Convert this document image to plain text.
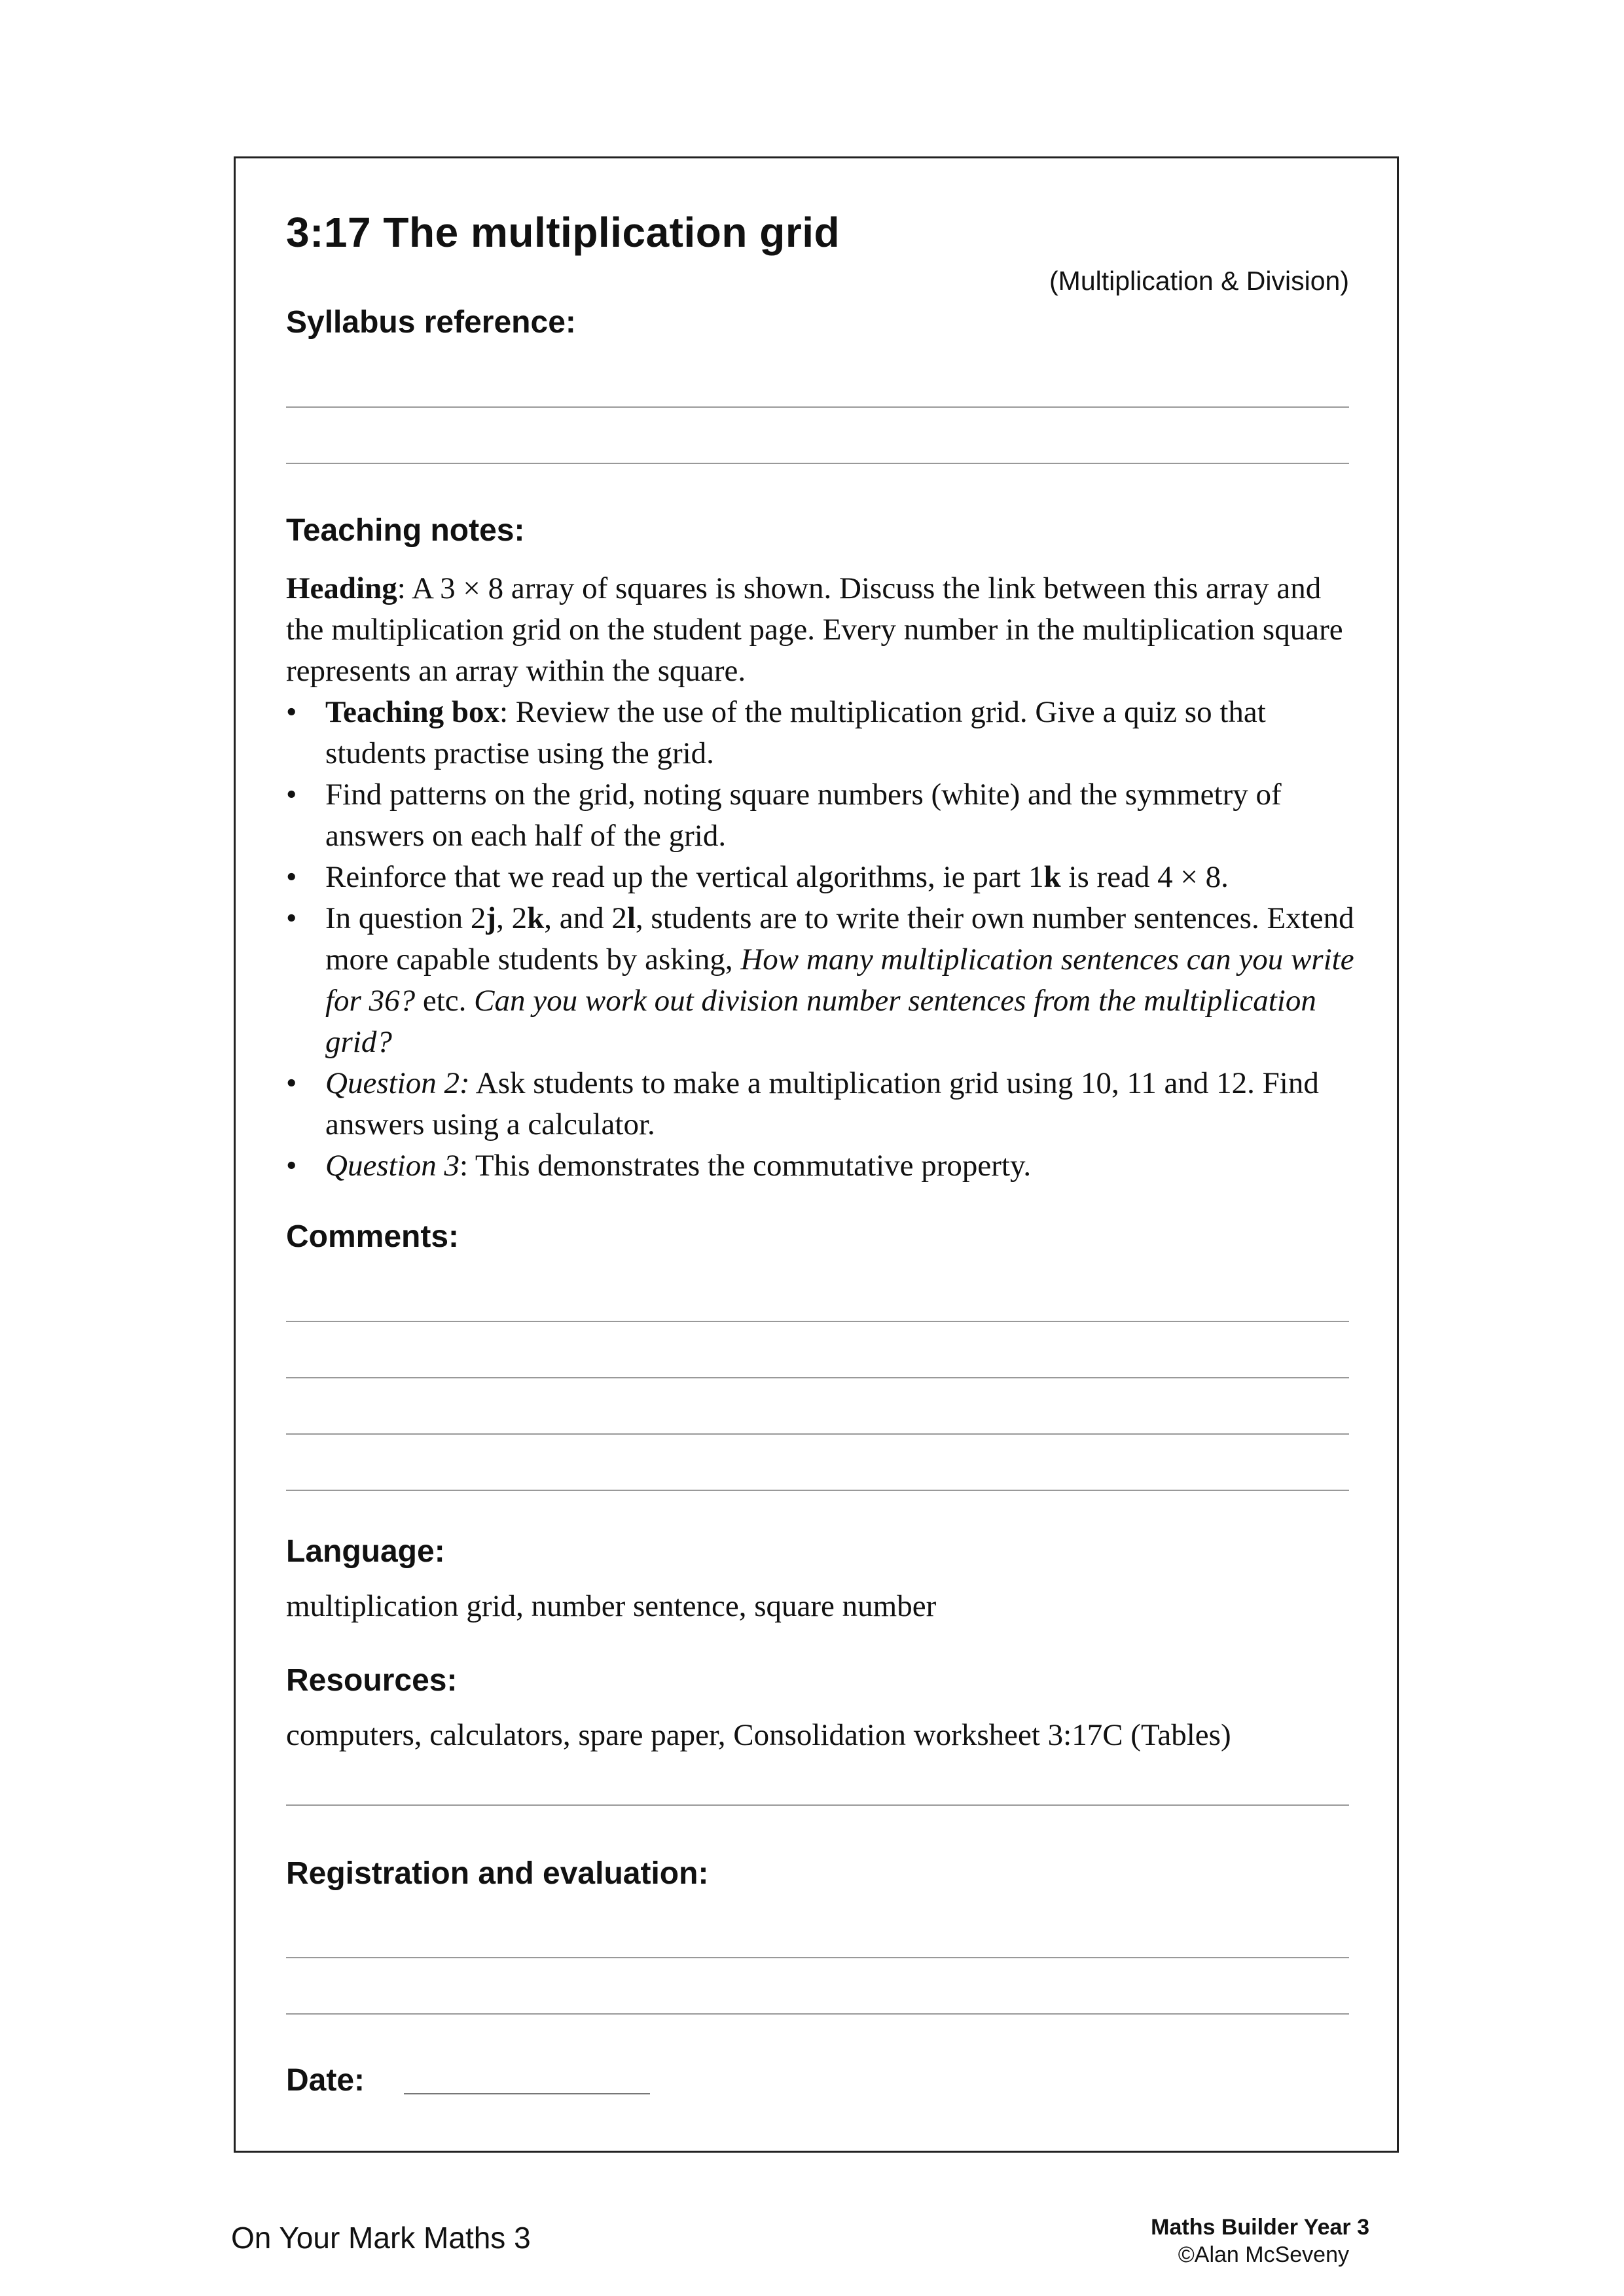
3:17 The multiplication grid
(Multiplication & Division)
Syllabus reference:
Teaching notes:

Heading: A 3 × 8 array of squares is shown. Discuss the link between this array and the multiplication grid on the student page. Every number in the multiplication square represents an array within the square.

• Teaching box: Review the use of the multiplication grid. Give a quiz so that students practise using the grid.
• Find patterns on the grid, noting square numbers (white) and the symmetry of answers on each half of the grid.
• Reinforce that we read up the vertical algorithms, ie part 1k is read 4 × 8.
• In question 2j, 2k, and 2l, students are to write their own number sentences. Extend more capable students by asking, How many multiplication sentences can you write for 36? etc. Can you work out division number sentences from the multiplication grid?
• Question 2: Ask students to make a multiplication grid using 10, 11 and 12. Find answers using a calculator.
• Question 3: This demonstrates the commutative property.
Comments:
Language:
multiplication grid, number sentence, square number
Resources:
computers, calculators, spare paper, Consolidation worksheet 3:17C (Tables)
Registration and evaluation:
Date:
On Your Mark Maths 3	Maths Builder Year 3
©Alan McSeveny
